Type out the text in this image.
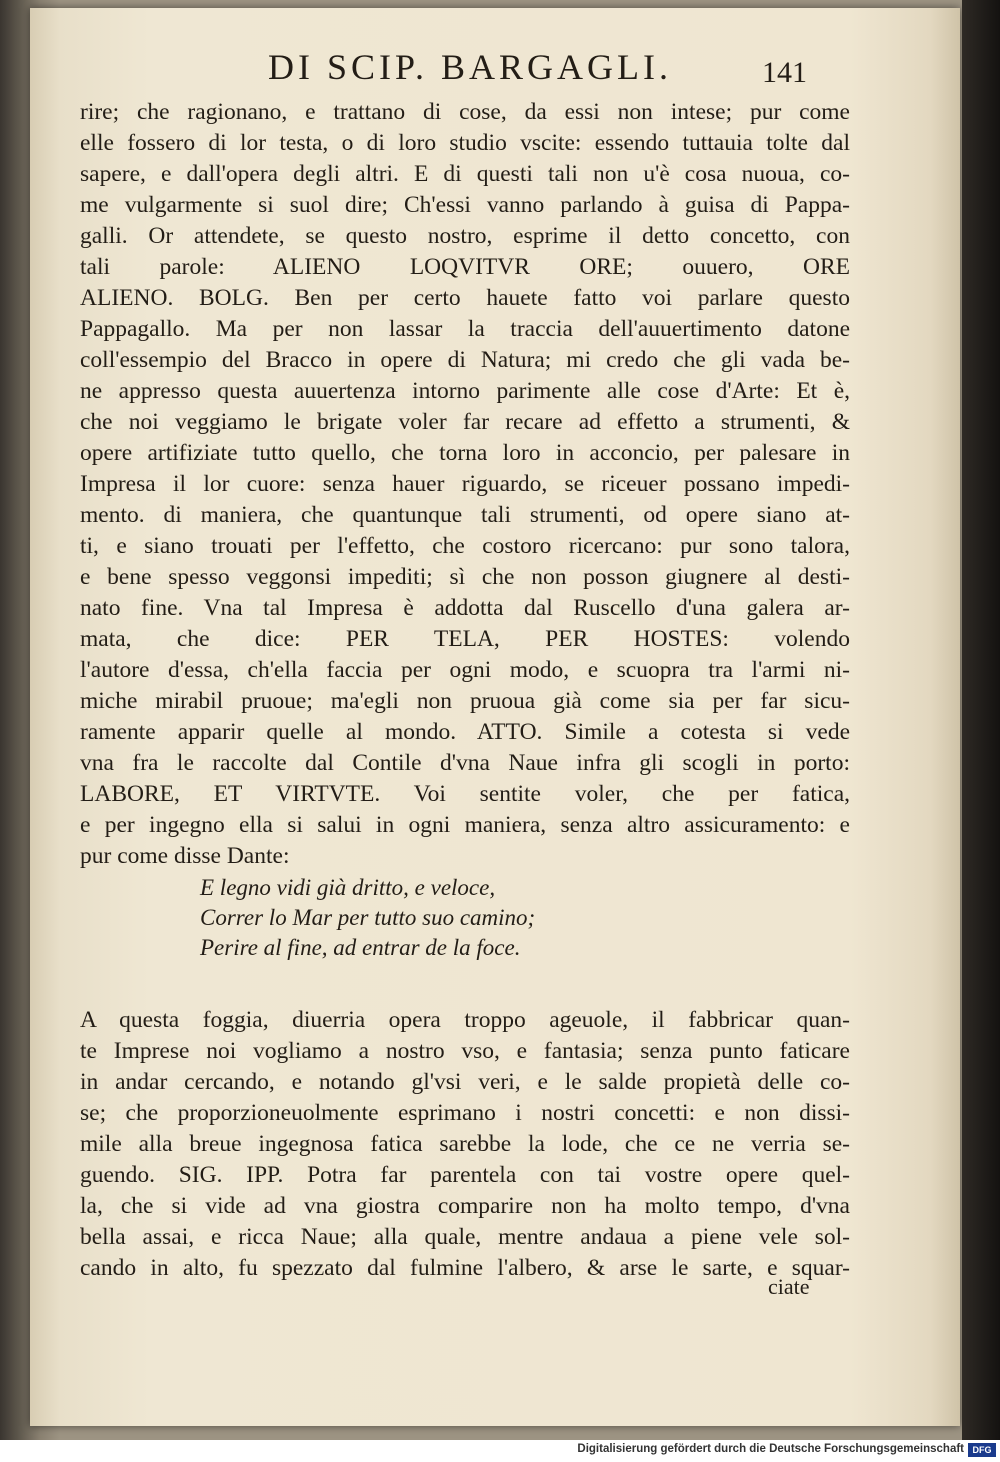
DI SCIP. BARGAGLI.	141
rire; che ragionano, e trattano di cose, da essi non intese; pur come
elle fossero di lor testa, o di loro studio vscite: essendo tuttauia tolte dal
sapere, e dall'opera degli altri. E di questi tali non u'è cosa nuoua, co-
me vulgarmente si suol dire; Ch'essi vanno parlando à guisa di Pappa-
galli. Or attendete, se questo nostro, esprime il detto concetto, con
tali parole: ALIENO LOQVITVR ORE; ouuero, ORE
ALIENO. BOLG. Ben per certo hauete fatto voi parlare questo
Pappagallo. Ma per non lassar la traccia dell'auuertimento datone
coll'essempio del Bracco in opere di Natura; mi credo che gli vada be-
ne appresso questa auuertenza intorno parimente alle cose d'Arte: Et è,
che noi veggiamo le brigate voler far recare ad effetto a strumenti, &
opere artifiziate tutto quello, che torna loro in acconcio, per palesare in
Impresa il lor cuore: senza hauer riguardo, se riceuer possano impedi-
mento. di maniera, che quantunque tali strumenti, od opere siano at-
ti, e siano trouati per l'effetto, che costoro ricercano: pur sono talora,
e bene spesso veggonsi impediti; sì che non posson giugnere al desti-
nato fine. Vna tal Impresa è addotta dal Ruscello d'una galera ar-
mata, che dice: PER TELA, PER HOSTES: volendo
l'autore d'essa, ch'ella faccia per ogni modo, e scuopra tra l'armi ni-
miche mirabil pruoue; ma'egli non pruoua già come sia per far sicu-
ramente apparir quelle al mondo. ATTO. Simile a cotesta si vede
vna fra le raccolte dal Contile d'vna Naue infra gli scogli in porto:
LABORE, ET VIRTVTE. Voi sentite voler, che per fatica,
e per ingegno ella si salui in ogni maniera, senza altro assicuramento: e
pur come disse Dante:
E legno vidi già dritto, e veloce,
Correr lo Mar per tutto suo camino;
Perire al fine, ad entrar de la foce.
A questa foggia, diuerria opera troppo ageuole, il fabbricar quan-
te Imprese noi vogliamo a nostro vso, e fantasia; senza punto faticare
in andar cercando, e notando gl'vsi veri, e le salde propietà delle co-
se; che proporzioneuolmente esprimano i nostri concetti: e non dissi-
mile alla breue ingegnosa fatica sarebbe la lode, che ce ne verria se-
guendo. SIG. IPP. Potra far parentela con tai vostre opere quel-
la, che si vide ad vna giostra comparire non ha molto tempo, d'vna
bella assai, e ricca Naue; alla quale, mentre andaua a piene vele sol-
cando in alto, fu spezzato dal fulmine l'albero, & arse le sarte, e squar-
ciate
Digitalisierung gefördert durch die Deutsche Forschungsgemeinschaft DFG
